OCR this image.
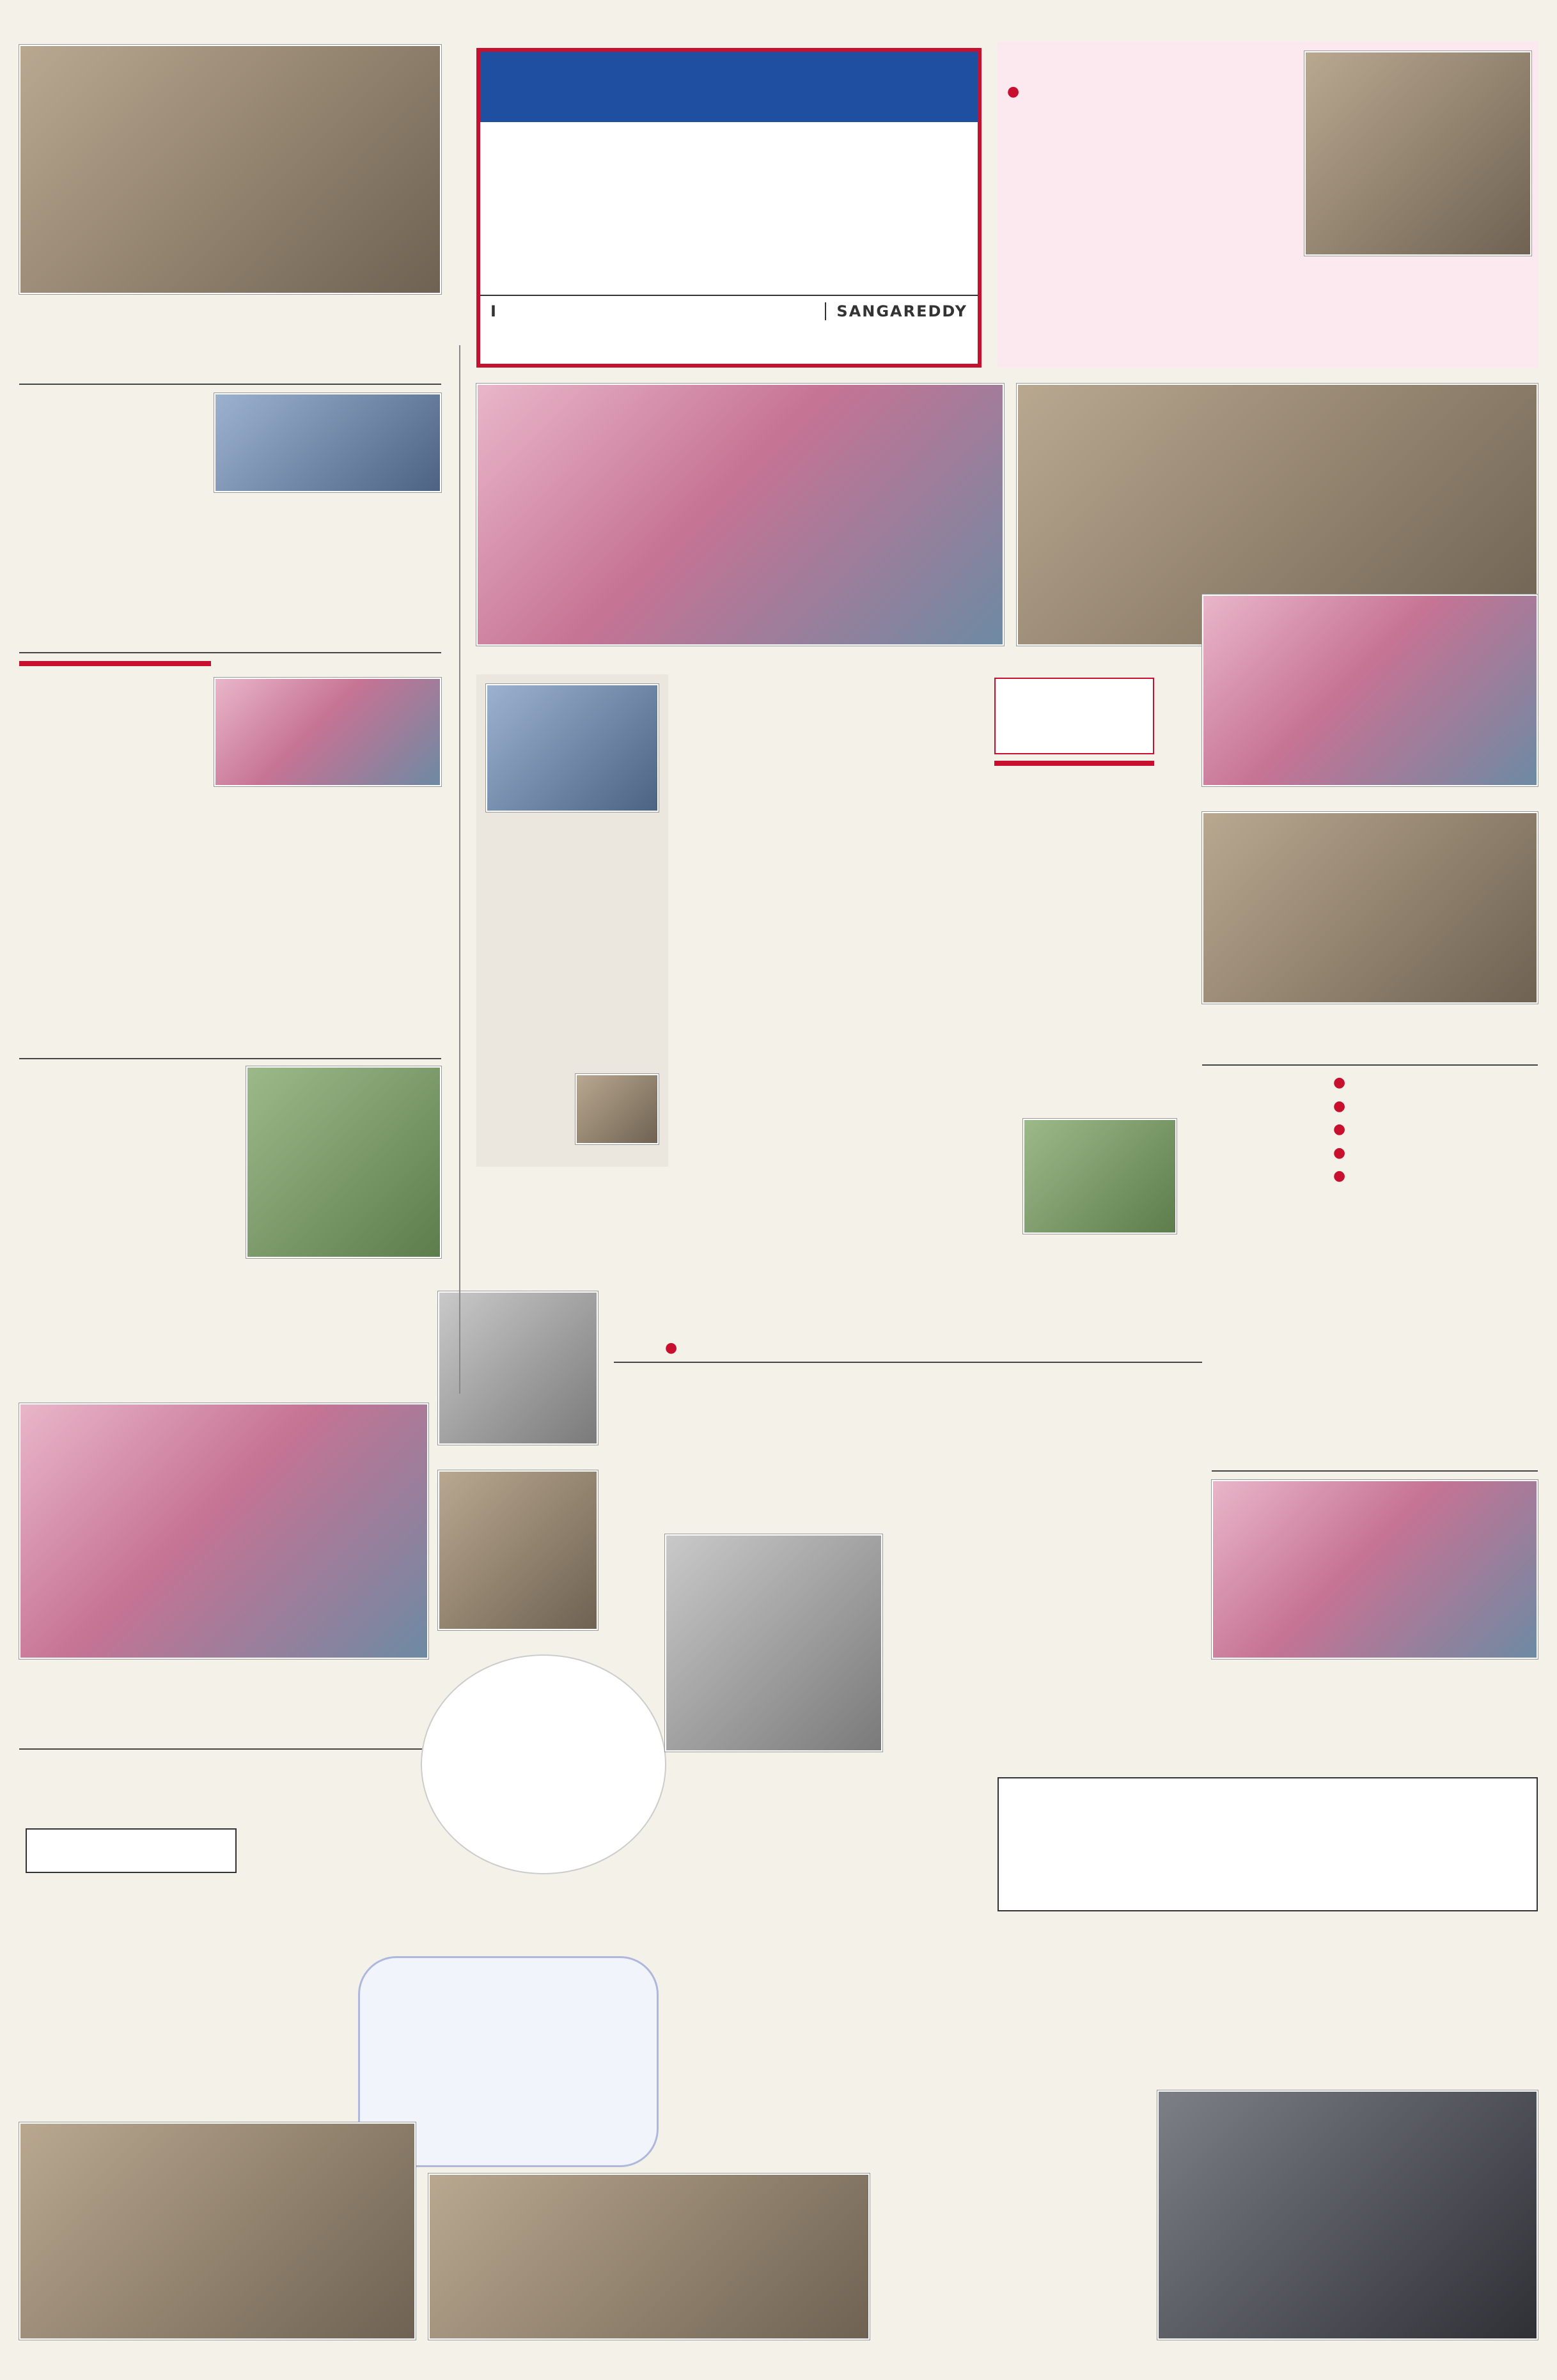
I	SANGAREDDY
●
●
●
●
●
●
●
